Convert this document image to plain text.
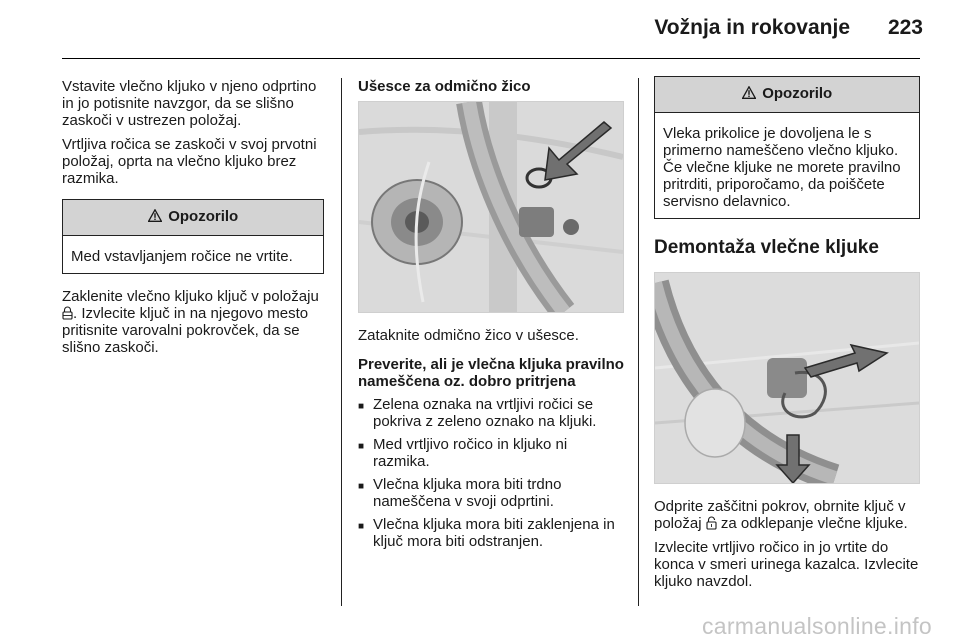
Vožnja in rokovanje	223

Vstavite vlečno kljuko v njeno odprtino in jo potisnite navzgor, da se slišno zaskoči v ustrezen položaj.

Vrtljiva ročica se zaskoči v svoj prvotni položaj, oprta na vlečno kljuko brez razmika.

Opozorilo
Med vstavljanjem ročice ne vrtite.

Zaklenite vlečno kljuko ključ v položaju . Izvlecite ključ in na njegovo mesto pritisnite varovalni pokrovček, da se slišno zaskoči.

Ušesce za odmično žico

Zataknite odmično žico v ušesce.

Preverite, ali je vlečna kljuka pravilno nameščena oz. dobro pritrjena

■ Zelena oznaka na vrtljivi ročici se pokriva z zeleno oznako na kljuki.
■ Med vrtljivo ročico in kljuko ni razmika.
■ Vlečna kljuka mora biti trdno nameščena v svoji odprtini.
■ Vlečna kljuka mora biti zaklenjena in ključ mora biti odstranjen.
Opozorilo
Vleka prikolice je dovoljena le s primerno nameščeno vlečno kljuko. Če vlečne kljuke ne morete pravilno pritrditi, priporočamo, da poiščete servisno delavnico.
Demontaža vlečne kljuke

Odprite zaščitni pokrov, obrnite ključ v položaj  za odklepanje vlečne kljuke.

Izvlecite vrtljivo ročico in jo vrtite do konca v smeri urinega kazalca. Izvlecite kljuko navzdol.

carmanualsonline.info
